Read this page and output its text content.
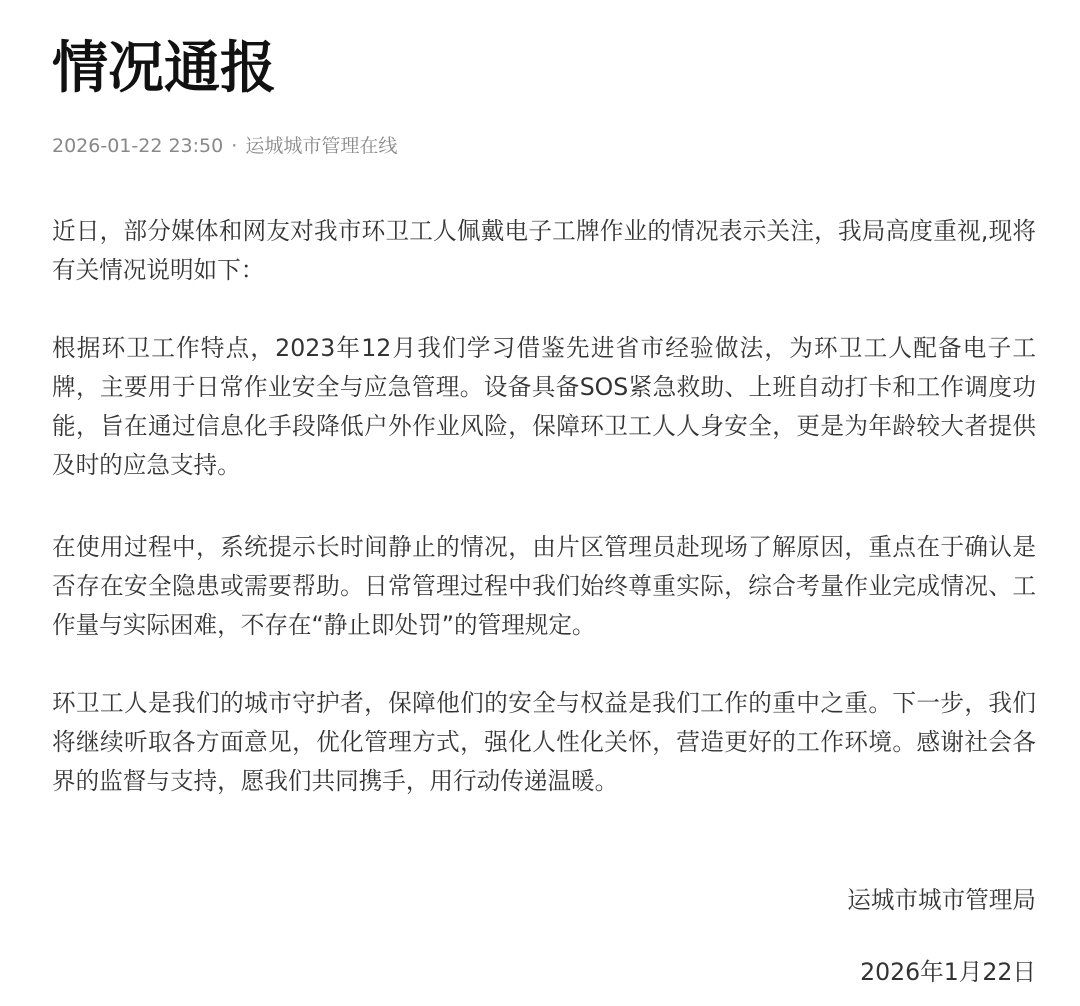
情况通报
2026-01-22 23:50 · 运城城市管理在线

近日，部分媒体和网友对我市环卫工人佩戴电子工牌作业的情况表示关注，我局高度重视,现将有关情况说明如下：

根据环卫工作特点，2023年12月我们学习借鉴先进省市经验做法，为环卫工人配备电子工牌，主要用于日常作业安全与应急管理。设备具备SOS紧急救助、上班自动打卡和工作调度功能，旨在通过信息化手段降低户外作业风险，保障环卫工人人身安全，更是为年龄较大者提供及时的应急支持。

在使用过程中，系统提示长时间静止的情况，由片区管理员赴现场了解原因，重点在于确认是否存在安全隐患或需要帮助。日常管理过程中我们始终尊重实际，综合考量作业完成情况、工作量与实际困难，不存在“静止即处罚”的管理规定。

环卫工人是我们的城市守护者，保障他们的安全与权益是我们工作的重中之重。下一步，我们将继续听取各方面意见，优化管理方式，强化人性化关怀，营造更好的工作环境。感谢社会各界的监督与支持，愿我们共同携手，用行动传递温暖。

运城市城市管理局
2026年1月22日
